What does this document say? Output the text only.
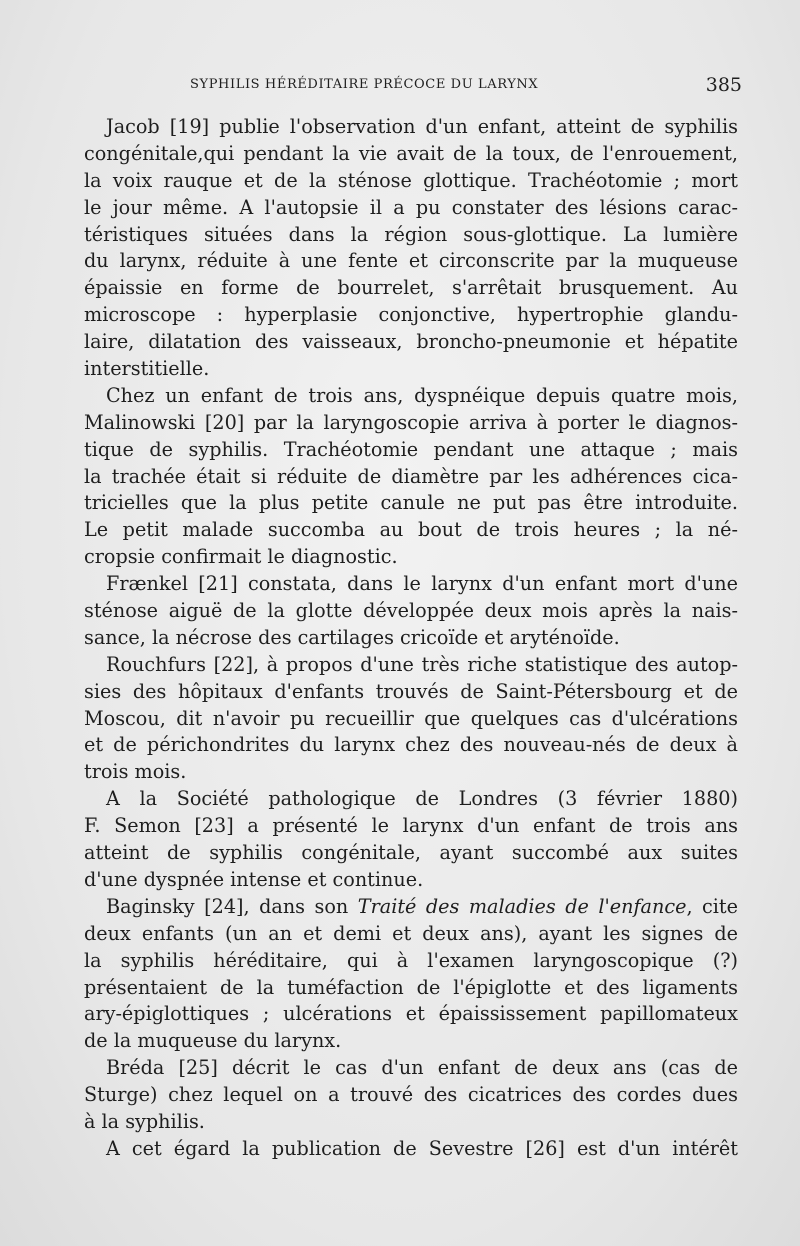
SYPHILIS HÉRÉDITAIRE PRÉCOCE DU LARYNX	385
Jacob [19] publie l'observation d'un enfant, atteint de syphilis
congénitale,qui pendant la vie avait de la toux, de l'enrouement,
la voix rauque et de la sténose glottique. Trachéotomie ; mort
le jour même. A l'autopsie il a pu constater des lésions carac-
téristiques situées dans la région sous-glottique. La lumière
du larynx, réduite à une fente et circonscrite par la muqueuse
épaissie en forme de bourrelet, s'arrêtait brusquement. Au
microscope : hyperplasie conjonctive, hypertrophie glandu-
laire, dilatation des vaisseaux, broncho-pneumonie et hépatite
interstitielle.
Chez un enfant de trois ans, dyspnéique depuis quatre mois,
Malinowski [20] par la laryngoscopie arriva à porter le diagnos-
tique de syphilis. Trachéotomie pendant une attaque ; mais
la trachée était si réduite de diamètre par les adhérences cica-
tricielles que la plus petite canule ne put pas être introduite.
Le petit malade succomba au bout de trois heures ; la né-
cropsie confirmait le diagnostic.
Frænkel [21] constata, dans le larynx d'un enfant mort d'une
sténose aiguë de la glotte développée deux mois après la nais-
sance, la nécrose des cartilages cricoïde et aryténoïde.
Rouchfurs [22], à propos d'une très riche statistique des autop-
sies des hôpitaux d'enfants trouvés de Saint-Pétersbourg et de
Moscou, dit n'avoir pu recueillir que quelques cas d'ulcérations
et de périchondrites du larynx chez des nouveau-nés de deux à
trois mois.
A la Société pathologique de Londres (3 février 1880)
F. Semon [23] a présenté le larynx d'un enfant de trois ans
atteint de syphilis congénitale, ayant succombé aux suites
d'une dyspnée intense et continue.
Baginsky [24], dans son Traité des maladies de l'enfance, cite
deux enfants (un an et demi et deux ans), ayant les signes de
la syphilis héréditaire, qui à l'examen laryngoscopique (?)
présentaient de la tuméfaction de l'épiglotte et des ligaments
ary-épiglottiques ; ulcérations et épaississement papillomateux
de la muqueuse du larynx.
Bréda [25] décrit le cas d'un enfant de deux ans (cas de
Sturge) chez lequel on a trouvé des cicatrices des cordes dues
à la syphilis.
A cet égard la publication de Sevestre [26] est d'un intérêt
